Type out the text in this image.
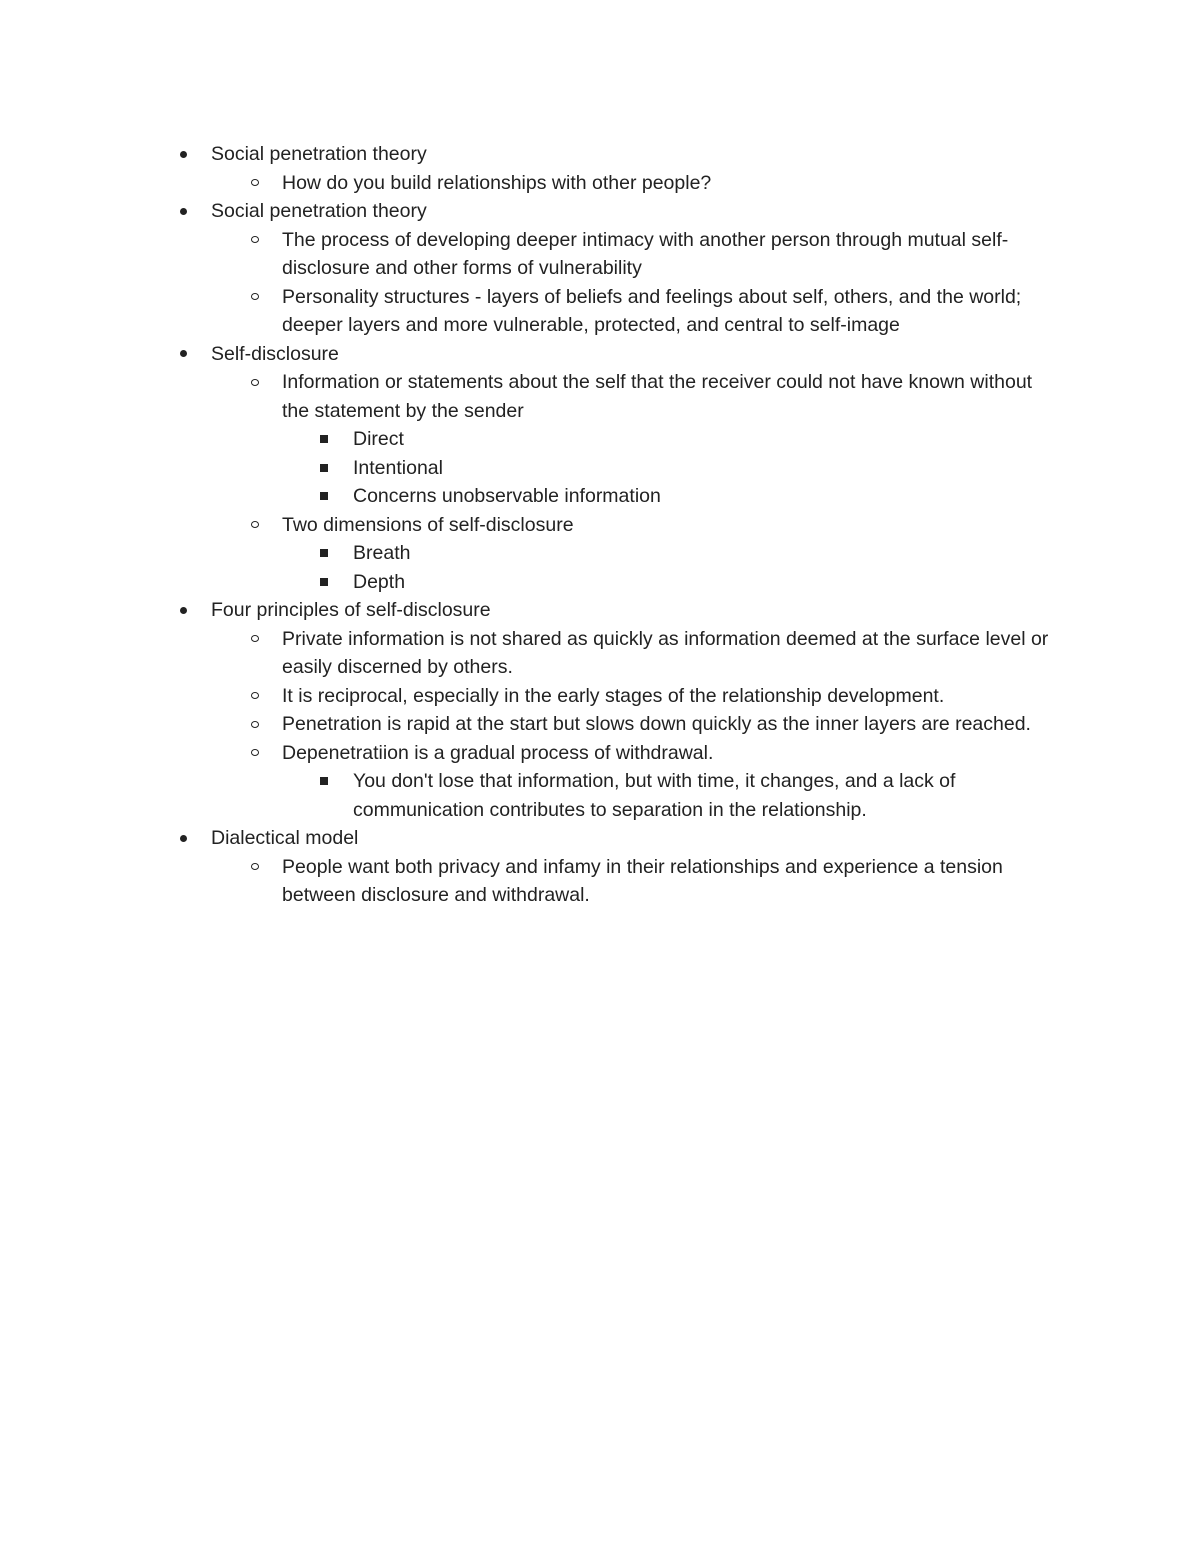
Social penetration theory
How do you build relationships with other people?
Social penetration theory
The process of developing deeper intimacy with another person through mutual self-disclosure and other forms of vulnerability
Personality structures - layers of beliefs and feelings about self, others, and the world; deeper layers and more vulnerable, protected, and central to self-image
Self-disclosure
Information or statements about the self that the receiver could not have known without the statement by the sender
Direct
Intentional
Concerns unobservable information
Two dimensions of self-disclosure
Breath
Depth
Four principles of self-disclosure
Private information is not shared as quickly as information deemed at the surface level or easily discerned by others.
It is reciprocal, especially in the early stages of the relationship development.
Penetration is rapid at the start but slows down quickly as the inner layers are reached.
Depenetratiion is a gradual process of withdrawal.
You don't lose that information, but with time, it changes, and a lack of communication contributes to separation in the relationship.
Dialectical model
People want both privacy and infamy in their relationships and experience a tension between disclosure and withdrawal.
